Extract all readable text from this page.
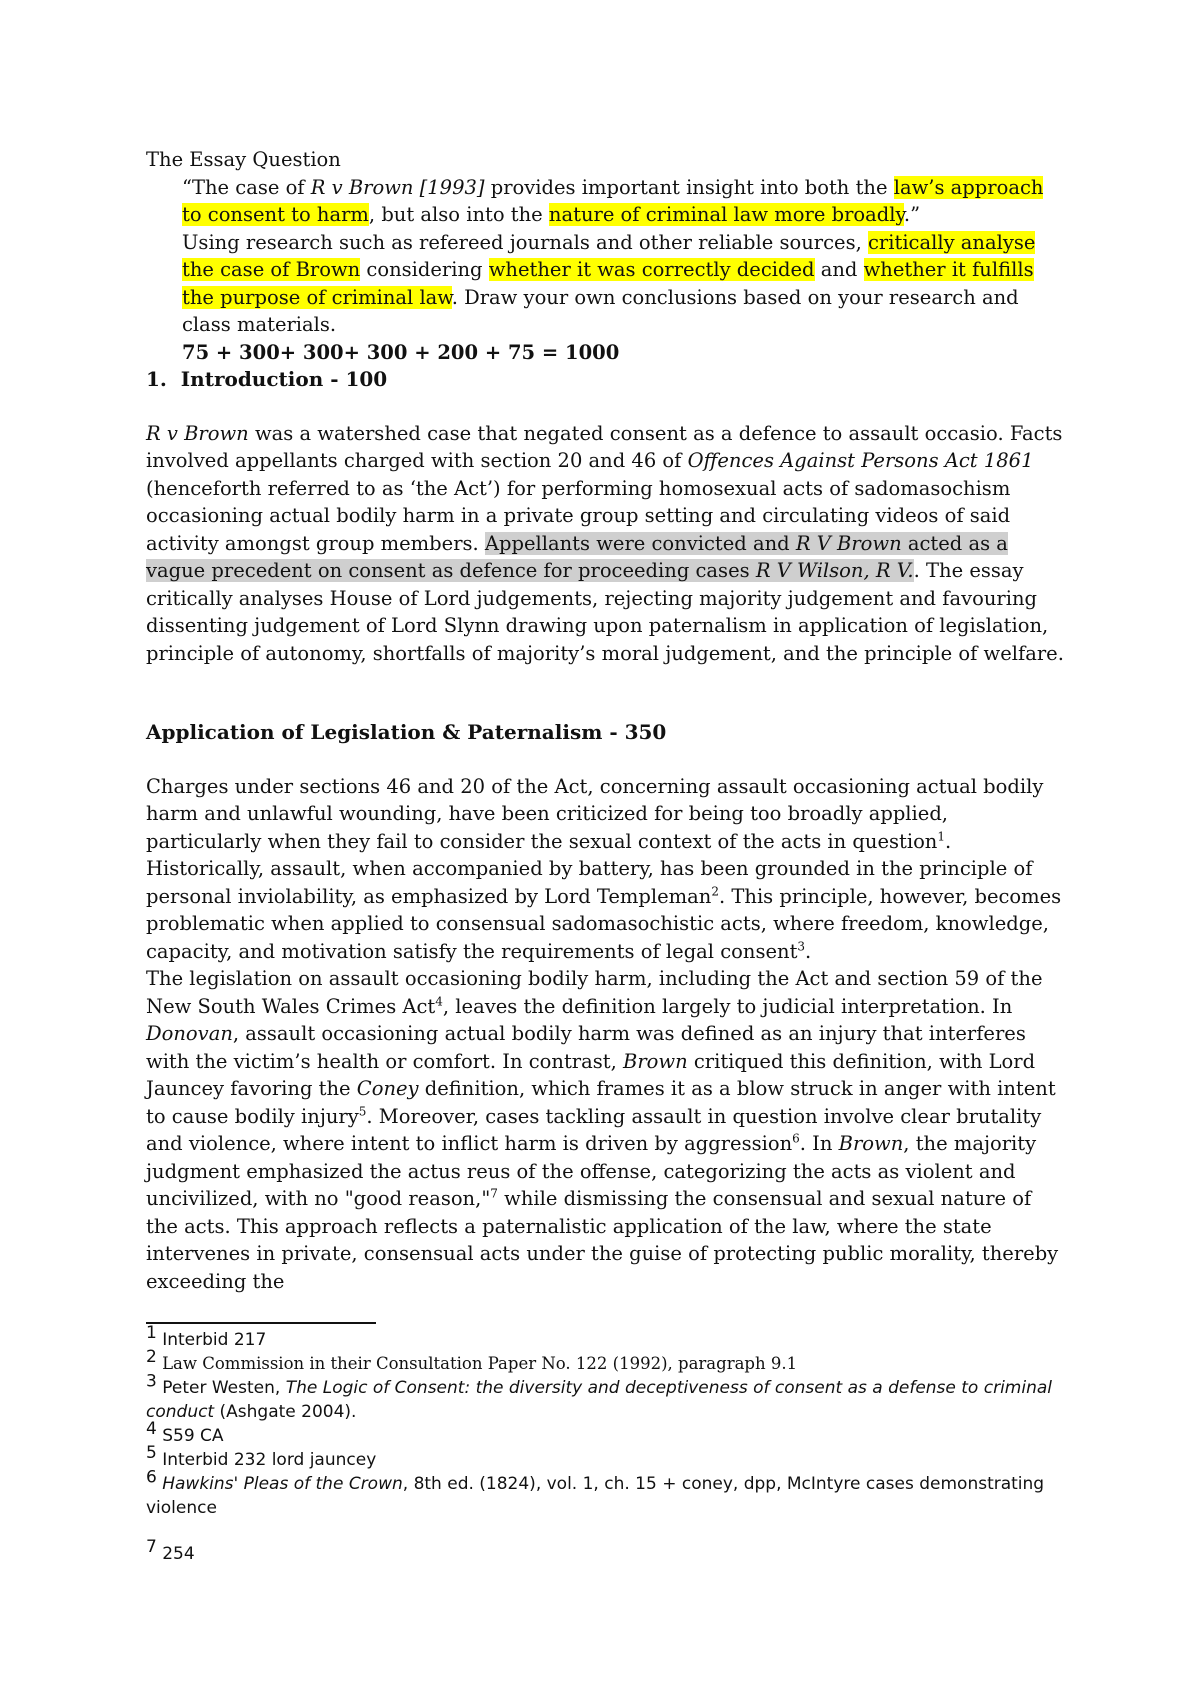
The Essay Question

“The case of R v Brown [1993] provides important insight into both the law’s approach to consent to harm, but also into the nature of criminal law more broadly.”

Using research such as refereed journals and other reliable sources, critically analyse the case of Brown considering whether it was correctly decided and whether it fulfills the purpose of criminal law. Draw your own conclusions based on your research and class materials.

75 + 300+ 300+ 300 + 200 + 75 = 1000

1.  Introduction - 100

R v Brown was a watershed case that negated consent as a defence to assault occasio. Facts involved appellants charged with section 20 and 46 of Offences Against Persons Act 1861 (henceforth referred to as ‘the Act’) for performing homosexual acts of sadomasochism occasioning actual bodily harm in a private group setting and circulating videos of said activity amongst group members. Appellants were convicted and R V Brown acted as a vague precedent on consent as defence for proceeding cases R V Wilson, R V.. The essay critically analyses House of Lord judgements, rejecting majority judgement and favouring dissenting judgement of Lord Slynn drawing upon paternalism in application of legislation, principle of autonomy, shortfalls of majority’s moral judgement, and the principle of welfare.

Application of Legislation & Paternalism - 350

Charges under sections 46 and 20 of the Act, concerning assault occasioning actual bodily harm and unlawful wounding, have been criticized for being too broadly applied, particularly when they fail to consider the sexual context of the acts in question$^1$. Historically, assault, when accompanied by battery, has been grounded in the principle of personal inviolability, as emphasized by Lord Templeman$^2$. This principle, however, becomes problematic when applied to consensual sadomasochistic acts, where freedom, knowledge, capacity, and motivation satisfy the requirements of legal consent$^3$.

The legislation on assault occasioning bodily harm, including the Act and section 59 of the New South Wales Crimes Act$^4$, leaves the definition largely to judicial interpretation. In Donovan, assault occasioning actual bodily harm was defined as an injury that interferes with the victim’s health or comfort. In contrast, Brown critiqued this definition, with Lord Jauncey favoring the Coney definition, which frames it as a blow struck in anger with intent to cause bodily injury$^5$. Moreover, cases tackling assault in question involve clear brutality and violence, where intent to inflict harm is driven by aggression$^6$. In Brown, the majority judgment emphasized the actus reus of the offense, categorizing the acts as violent and uncivilized, with no "good reason,"$^7$ while dismissing the consensual and sexual nature of the acts. This approach reflects a paternalistic application of the law, where the state intervenes in private, consensual acts under the guise of protecting public morality, thereby exceeding the

1 Interbid 217
2 Law Commission in their Consultation Paper No. 122 (1992), paragraph 9.1
3 Peter Westen, The Logic of Consent: the diversity and deceptiveness of consent as a defense to criminal conduct (Ashgate 2004).
4 S59 CA
5 Interbid 232 lord jauncey
6 Hawkins' Pleas of the Crown, 8th ed. (1824), vol. 1, ch. 15 + coney, dpp, McIntyre cases demonstrating violence
7 254
